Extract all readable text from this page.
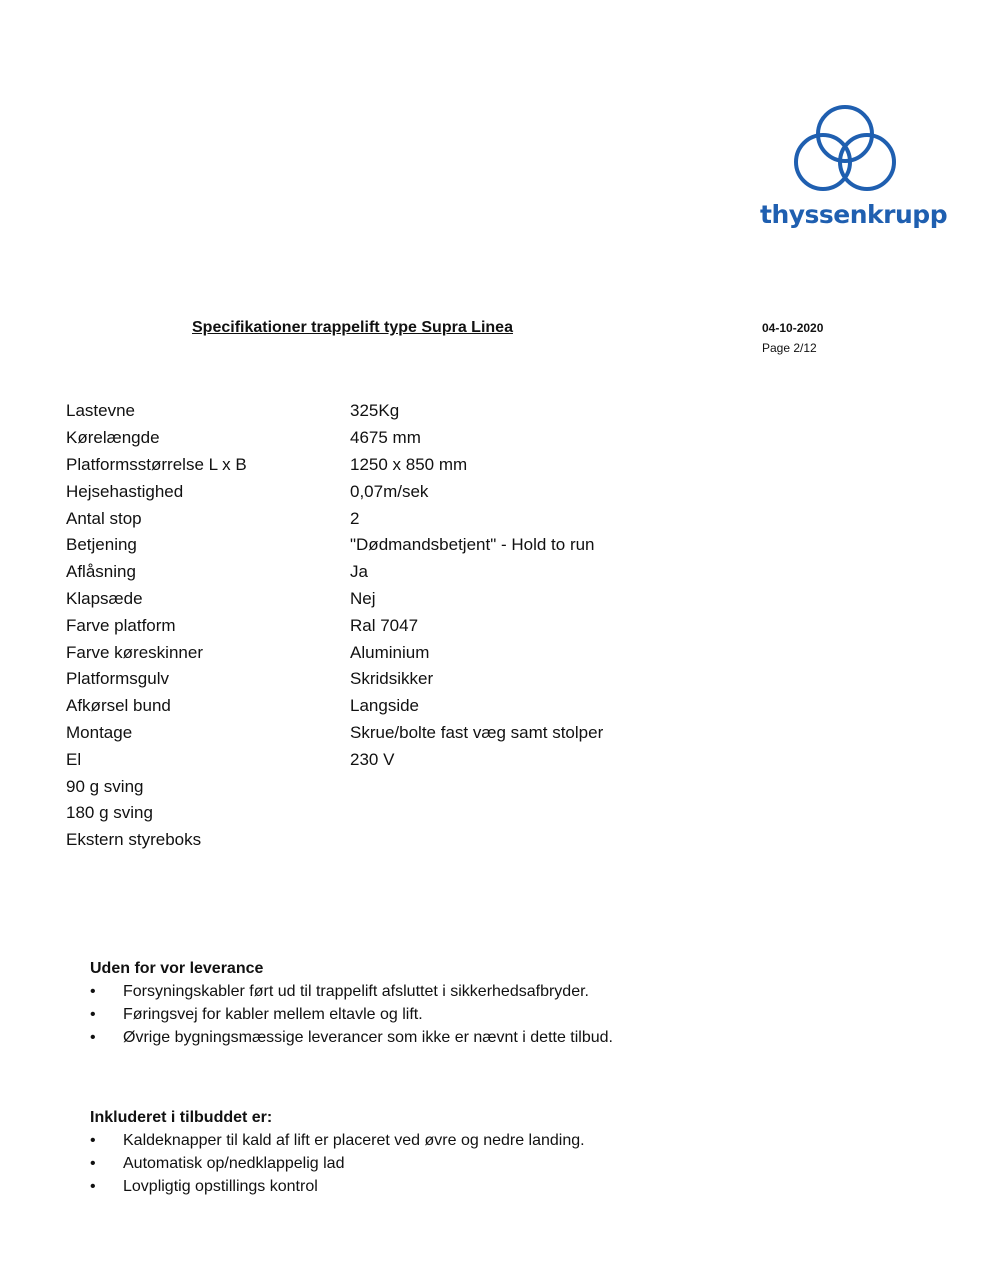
thyssenkrupp
Specifikationer trappelift type Supra Linea	04-10-2020
Page 2/12
Lastevne	325Kg
Kørelængde	4675 mm
Platformsstørrelse L x B	1250 x 850 mm
Hejsehastighed	0,07m/sek
Antal stop	2
Betjening	"Dødmandsbetjent" - Hold to run
Aflåsning	Ja
Klapsæde	Nej
Farve platform	Ral 7047
Farve køreskinner	Aluminium
Platformsgulv	Skridsikker
Afkørsel bund	Langside
Montage	Skrue/bolte fast væg samt stolper
El	230 V
90 g sving
180 g sving
Ekstern styreboks
Uden for vor leverance
• Forsyningskabler ført ud til trappelift afsluttet i sikkerhedsafbryder.
• Føringsvej for kabler mellem eltavle og lift.
• Øvrige bygningsmæssige leverancer som ikke er nævnt i dette tilbud.
Inkluderet i tilbuddet er:
• Kaldeknapper til kald af lift er placeret ved øvre og nedre landing.
• Automatisk op/nedklappelig lad
• Lovpligtig opstillings kontrol
